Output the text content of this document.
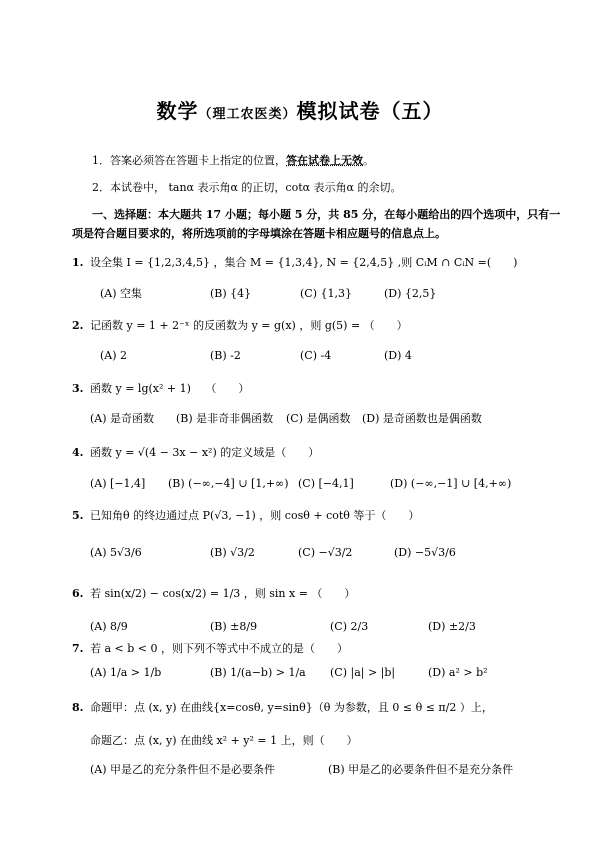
数学（理工农医类）模拟试卷（五）
1．答案必须答在答题卡上指定的位置，答在试卷上无效。
2．本试卷中， tanα 表示角α 的正切，cotα 表示角α 的余切。
一、选择题：本大题共 17 小题；每小题 5 分，共 85 分，在每小题给出的四个选项中，只有一
项是符合题目要求的，将所选项前的字母填涂在答题卡相应题号的信息点上。
1. 设全集 I = {1,2,3,4,5} ，集合 M = {1,3,4}, N = {2,4,5} ,则 CᵢM ∩ CᵢN =(　　)
(A) 空集	(B) {4}	(C) {1,3}	(D) {2,5}
2. 记函数 y = 1 + 2⁻ˣ 的反函数为 y = g(x) ，则 g(5) = （　　）
(A) 2	(B) -2	(C) -4	(D) 4
3. 函数 y = lg(x² + 1)　 （　　）
(A) 是奇函数 (B) 是非奇非偶函数 (C) 是偶函数 (D) 是奇函数也是偶函数
4. 函数 y = √(4 − 3x − x²) 的定义域是（　　）
(A) [−1,4] (B) (−∞,−4] ∪ [1,+∞) (C) [−4,1]	(D) (−∞,−1] ∪ [4,+∞)
5. 已知角θ 的终边通过点 P(√3, −1) ，则 cosθ + cotθ 等于（　　）
(A) 5√3/6	(B) √3/2	(C) −√3/2	(D) −5√3/6
6. 若 sin(x/2) − cos(x/2) = 1/3 ，则 sin x = （　　）
(A) 8/9	(B) ±8/9	(C) 2/3	(D) ±2/3
7. 若 a < b < 0 ，则下列不等式中不成立的是（　　）
(A) 1/a > 1/b	(B) 1/(a−b) > 1/a (C) |a| > |b|	(D) a² > b²
8. 命题甲：点 (x, y) 在曲线{x=cosθ, y=sinθ}（θ 为参数，且 0 ≤ θ ≤ π/2 ）上，
命题乙：点 (x, y) 在曲线 x² + y² = 1 上，则（　　）
(A) 甲是乙的充分条件但不是必要条件	(B) 甲是乙的必要条件但不是充分条件
